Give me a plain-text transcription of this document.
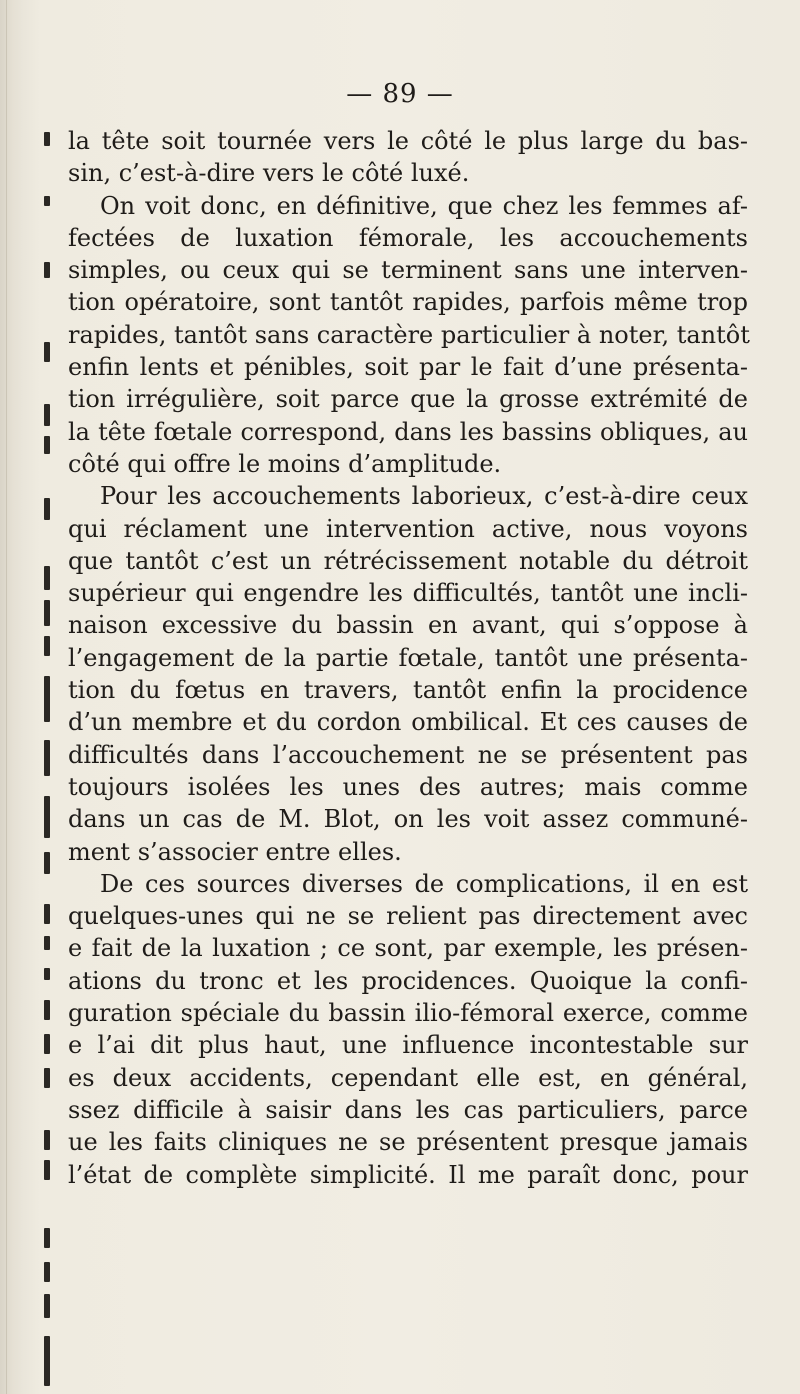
— 89 —
la tête soit tournée vers le côté le plus large du bas-
sin, c’est-à-dire vers le côté luxé.
On voit donc, en définitive, que chez les femmes af-
fectées de luxation fémorale, les accouchements
simples, ou ceux qui se terminent sans une interven-
tion opératoire, sont tantôt rapides, parfois même trop
rapides, tantôt sans caractère particulier à noter, tantôt
enfin lents et pénibles, soit par le fait d’une présenta-
tion irrégulière, soit parce que la grosse extrémité de
la tête fœtale correspond, dans les bassins obliques, au
côté qui offre le moins d’amplitude.
Pour les accouchements laborieux, c’est-à-dire ceux
qui réclament une intervention active, nous voyons
que tantôt c’est un rétrécissement notable du détroit
supérieur qui engendre les difficultés, tantôt une incli-
naison excessive du bassin en avant, qui s’oppose à
l’engagement de la partie fœtale, tantôt une présenta-
tion du fœtus en travers, tantôt enfin la procidence
d’un membre et du cordon ombilical. Et ces causes de
difficultés dans l’accouchement ne se présentent pas
toujours isolées les unes des autres; mais comme
dans un cas de M. Blot, on les voit assez communé-
ment s’associer entre elles.
De ces sources diverses de complications, il en est
quelques-unes qui ne se relient pas directement avec
e fait de la luxation ; ce sont, par exemple, les présen-
ations du tronc et les procidences. Quoique la confi-
guration spéciale du bassin ilio-fémoral exerce, comme
e l’ai dit plus haut, une influence incontestable sur
es deux accidents, cependant elle est, en général,
ssez difficile à saisir dans les cas particuliers, parce
ue les faits cliniques ne se présentent presque jamais
l’état de complète simplicité. Il me paraît donc, pour
